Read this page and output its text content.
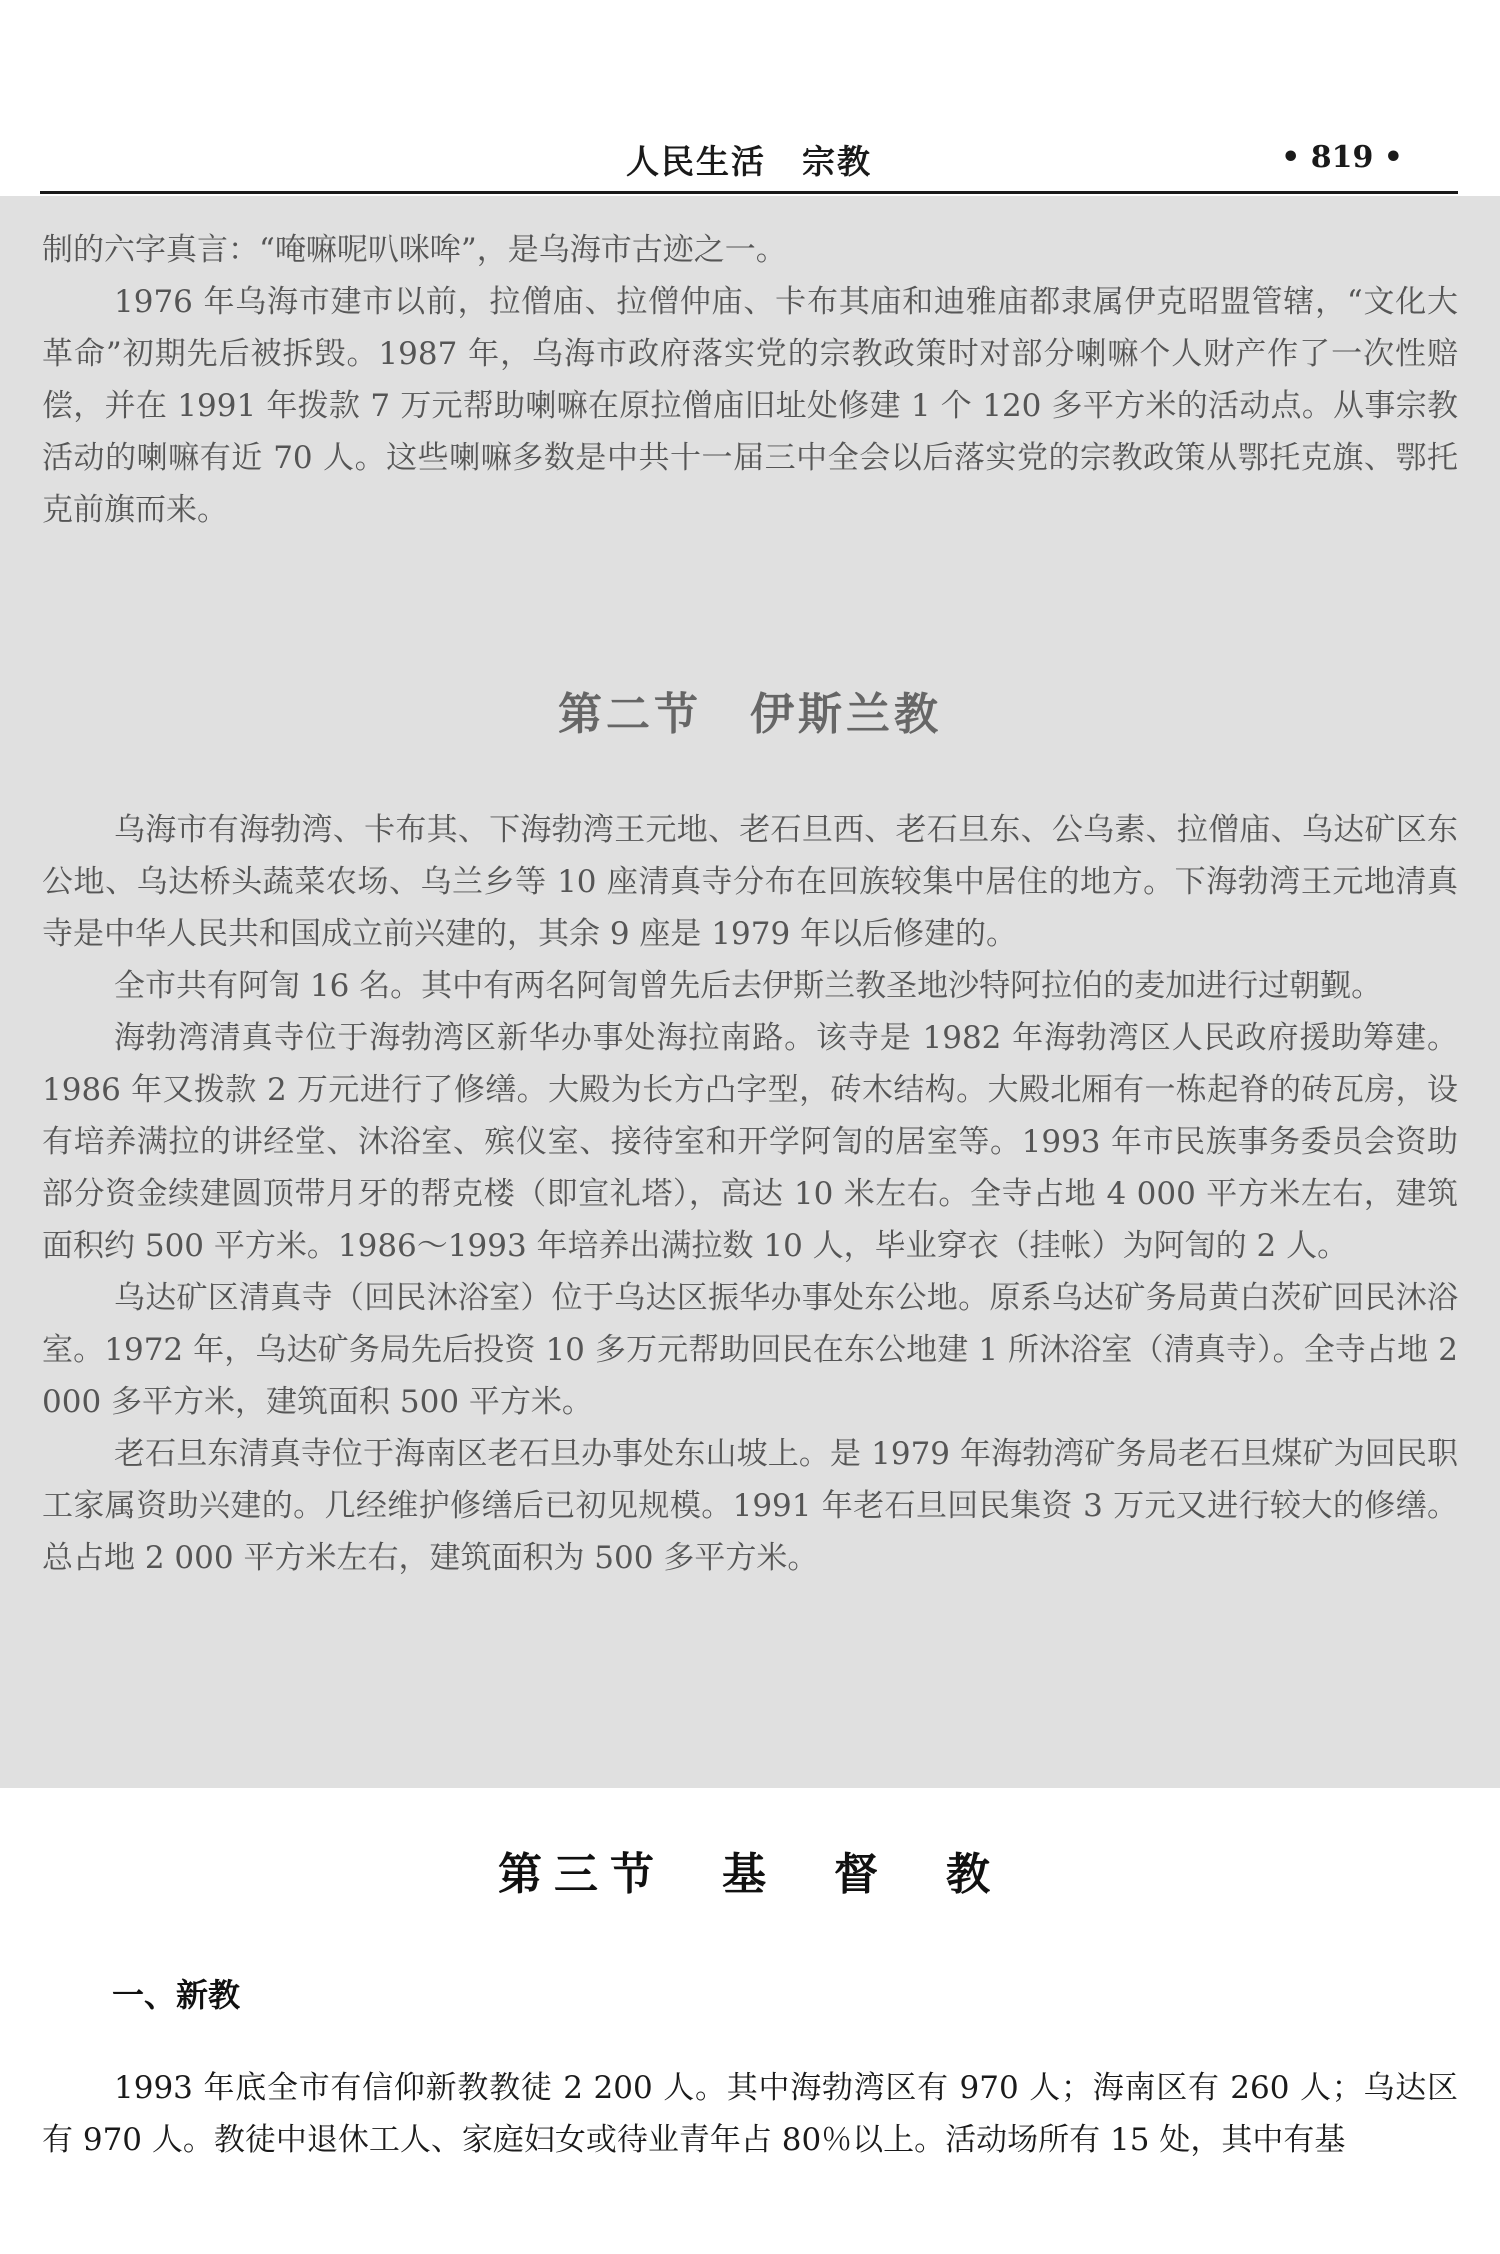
人民生活 宗教	• 819 •

制的六字真言：“唵嘛呢叭咪哞”，是乌海市古迹之一。

1976 年乌海市建市以前，拉僧庙、拉僧仲庙、卡布其庙和迪雅庙都隶属伊克昭盟管辖，“文化大革命”初期先后被拆毁。1987 年，乌海市政府落实党的宗教政策时对部分喇嘛个人财产作了一次性赔偿，并在 1991 年拨款 7 万元帮助喇嘛在原拉僧庙旧址处修建 1 个 120 多平方米的活动点。从事宗教活动的喇嘛有近 70 人。这些喇嘛多数是中共十一届三中全会以后落实党的宗教政策从鄂托克旗、鄂托克前旗而来。

第二节　伊斯兰教

乌海市有海勃湾、卡布其、下海勃湾王元地、老石旦西、老石旦东、公乌素、拉僧庙、乌达矿区东公地、乌达桥头蔬菜农场、乌兰乡等 10 座清真寺分布在回族较集中居住的地方。下海勃湾王元地清真寺是中华人民共和国成立前兴建的，其余 9 座是 1979 年以后修建的。

全市共有阿訇 16 名。其中有两名阿訇曾先后去伊斯兰教圣地沙特阿拉伯的麦加进行过朝觐。

海勃湾清真寺位于海勃湾区新华办事处海拉南路。该寺是 1982 年海勃湾区人民政府援助筹建。1986 年又拨款 2 万元进行了修缮。大殿为长方凸字型，砖木结构。大殿北厢有一栋起脊的砖瓦房，设有培养满拉的讲经堂、沐浴室、殡仪室、接待室和开学阿訇的居室等。1993 年市民族事务委员会资助部分资金续建圆顶带月牙的帮克楼（即宣礼塔），高达 10 米左右。全寺占地 4 000 平方米左右，建筑面积约 500 平方米。1986～1993 年培养出满拉数 10 人，毕业穿衣（挂帐）为阿訇的 2 人。

乌达矿区清真寺（回民沐浴室）位于乌达区振华办事处东公地。原系乌达矿务局黄白茨矿回民沐浴室。1972 年，乌达矿务局先后投资 10 多万元帮助回民在东公地建 1 所沐浴室（清真寺）。全寺占地 2 000 多平方米，建筑面积 500 平方米。

老石旦东清真寺位于海南区老石旦办事处东山坡上。是 1979 年海勃湾矿务局老石旦煤矿为回民职工家属资助兴建的。几经维护修缮后已初见规模。1991 年老石旦回民集资 3 万元又进行较大的修缮。总占地 2 000 平方米左右，建筑面积为 500 多平方米。

第三节　基　督　教
一、新教

1993 年底全市有信仰新教教徒 2 200 人。其中海勃湾区有 970 人；海南区有 260 人；乌达区有 970 人。教徒中退休工人、家庭妇女或待业青年占 80％以上。活动场所有 15 处，其中有基
